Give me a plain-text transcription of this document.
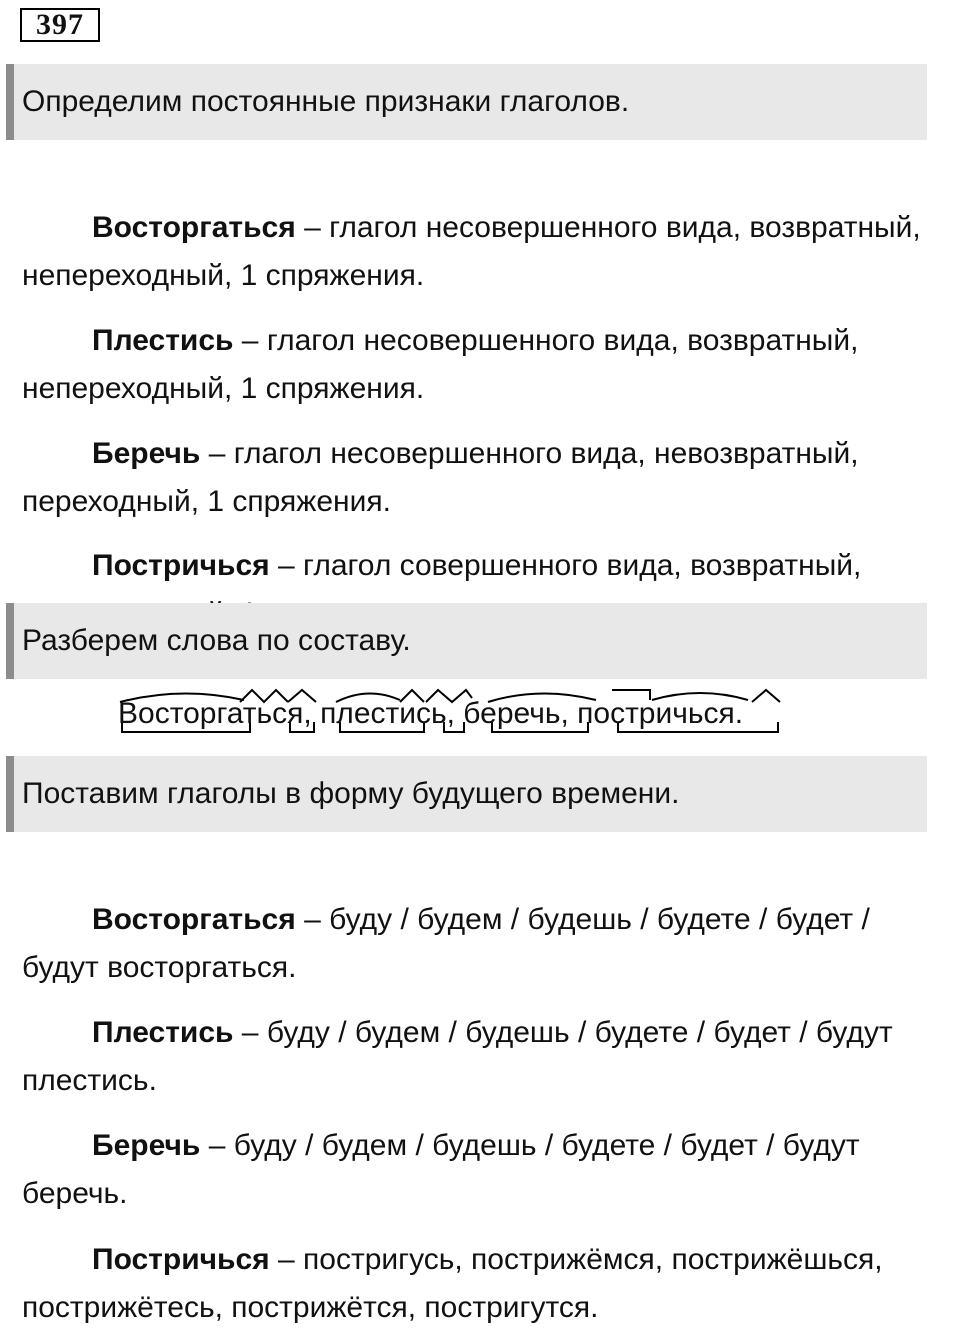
397
Определим постоянные признаки глаголов.

Восторгаться – глагол несовершенного вида, возвратный, непереходный, 1 спряжения.

Плестись – глагол несовершенного вида, возвратный, непереходный, 1 спряжения.

Беречь – глагол несовершенного вида, невозвратный, переходный, 1 спряжения.

Постричься – глагол совершенного вида, возвратный,

Разберем слова по составу.
Восторгаться, плестись, беречь, постричься.
Поставим глаголы в форму будущего времени.

Восторгаться – буду / будем / будешь / будете / будет / будут восторгаться.

Плестись – буду / будем / будешь / будете / будет / будут плестись.

Беречь – буду / будем / будешь / будете / будет / будут беречь.

Постричься – постригусь, пострижёмся, пострижёшься, пострижётесь, пострижётся, постригутся.
